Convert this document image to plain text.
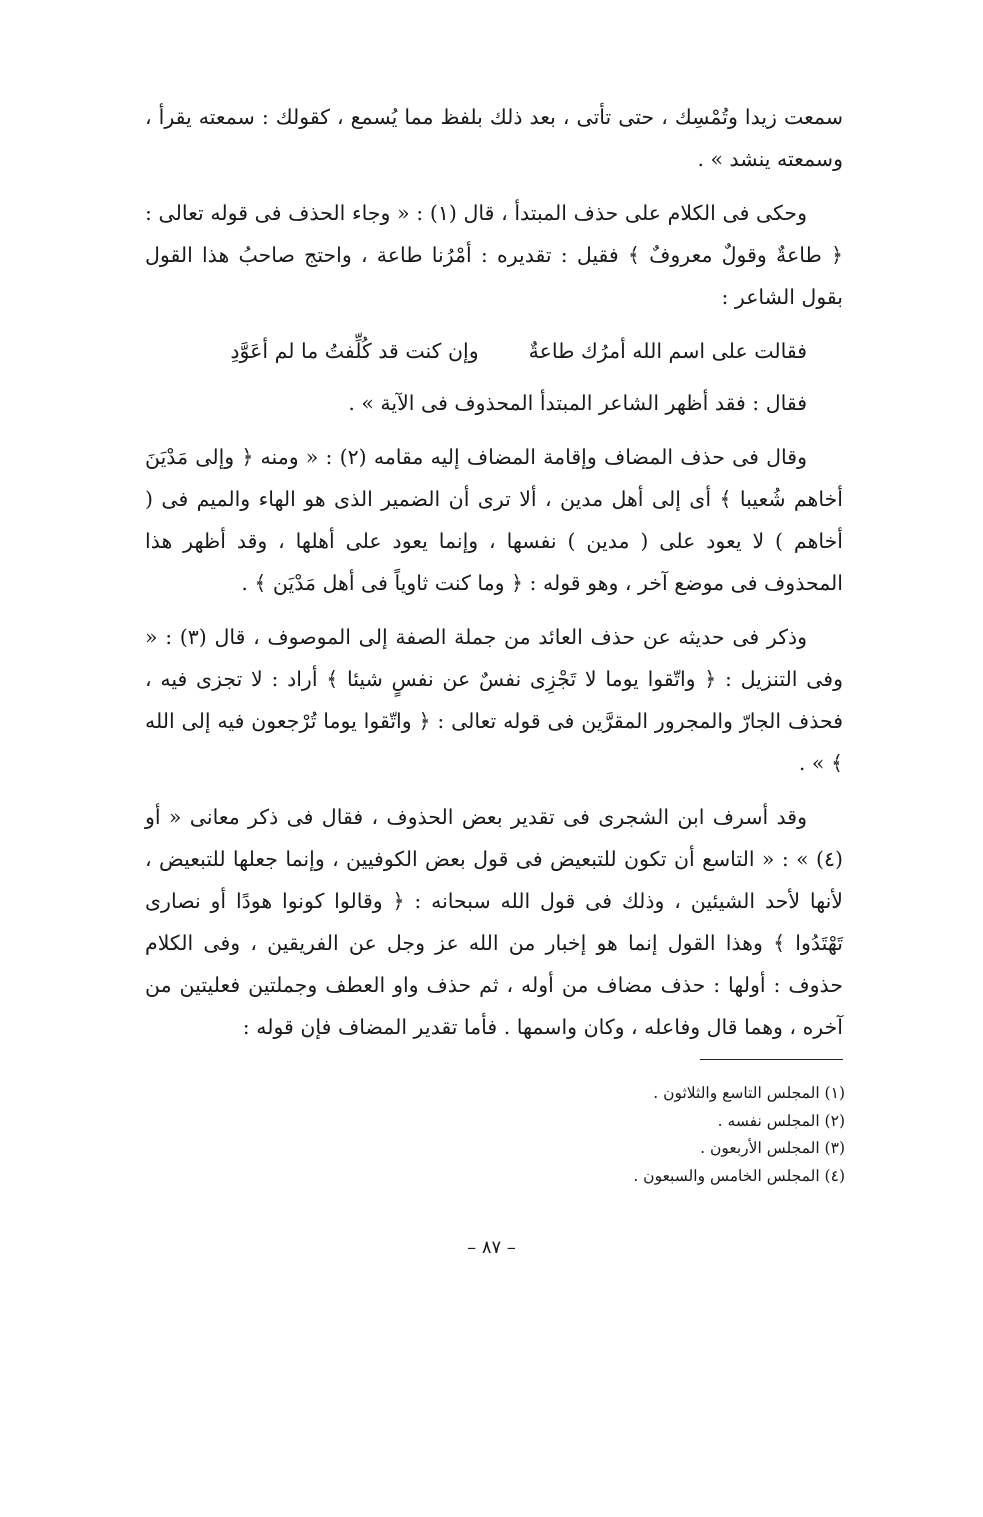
سمعت زيدا وتُمْسِك ، حتى تأتى ، بعد ذلك بلفظ مما يُسمع ، كقولك : سمعته يقرأ ، وسمعته ينشد » .

وحكى فى الكلام على حذف المبتدأ ، قال (١) : « وجاء الحذف فى قوله تعالى : ﴿ طاعةٌ وقولٌ معروفٌ ﴾ فقيل : تقديره : أمْرُنا طاعة ، واحتج صاحبُ هذا القول بقول الشاعر :

فقالت على اسم الله أمرُك طاعةٌ
وإن كنت قد كُلِّفتُ ما لم أعَوَّدِ

فقال : فقد أظهر الشاعر المبتدأ المحذوف فى الآية » .

وقال فى حذف المضاف وإقامة المضاف إليه مقامه (٢) : « ومنه ﴿ وإلى مَدْيَنَ أخاهم شُعيبا ﴾ أى إلى أهل مدين ، ألا ترى أن الضمير الذى هو الهاء والميم فى ( أخاهم ) لا يعود على ( مدين ) نفسها ، وإنما يعود على أهلها ، وقد أظهر هذا المحذوف فى موضع آخر ، وهو قوله : ﴿ وما كنت ثاوياً فى أهل مَدْيَن ﴾ .

وذكر فى حديثه عن حذف العائد من جملة الصفة إلى الموصوف ، قال (٣) : « وفى التنزيل : ﴿ واتّقوا يوما لا تَجْزِى نفسٌ عن نفسٍ شيئا ﴾ أراد : لا تجزى فيه ، فحذف الجارّ والمجرور المقرَّين فى قوله تعالى : ﴿ واتّقوا يوما تُرْجعون فيه إلى الله ﴾ » .

وقد أسرف ابن الشجرى فى تقدير بعض الحذوف ، فقال فى ذكر معانى « أو (٤) » : « التاسع أن تكون للتبعيض فى قول بعض الكوفيين ، وإنما جعلها للتبعيض ، لأنها لأحد الشيئين ، وذلك فى قول الله سبحانه : ﴿ وقالوا كونوا هودًا أو نصارى تَهْتَدُوا ﴾ وهذا القول إنما هو إخبار من الله عز وجل عن الفريقين ، وفى الكلام حذوف : أولها : حذف مضاف من أوله ، ثم حذف واو العطف وجملتين فعليتين من آخره ، وهما قال وفاعله ، وكان واسمها . فأما تقدير المضاف فإن قوله :

(١) المجلس التاسع والثلاثون .
(٢) المجلس نفسه .
(٣) المجلس الأربعون .
(٤) المجلس الخامس والسبعون .
– ٨٧ –
